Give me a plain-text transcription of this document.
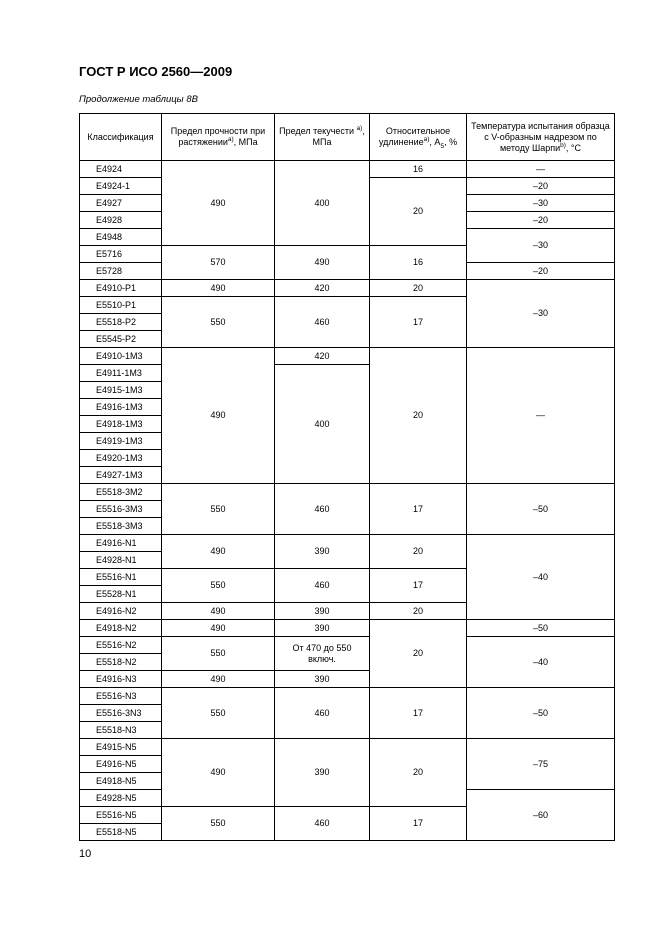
ГОСТ Р ИСО 2560—2009
Продолжение таблицы 8В
Классификация	Предел прочности при растяжении$^{а)}$, МПа	Предел текучести $^{а)}$, МПа	Относительное удлинение$^{а)}$, $A_5$, %	Температура испытания образца с V-образным надрезом по методу Шарпи$^{b)}$, °С
E4924	490	400	16	—
E4924-1			20	–20
E4927				–30
E4928				–20
E4948				–30
E5716	570	490	16	
E5728				–20
E4910-P1	490	420	20	–30
E5510-P1	550	460	17	
E5518-P2				
E5545-P2				
E4910-1M3	490	420	20	—
E4911-1M3		400		
E4915-1M3				
E4916-1M3				
E4918-1M3				
E4919-1M3				
E4920-1M3				
E4927-1M3				
E5518-3M2	550	460	17	–50
E5516-3M3				
E5518-3M3				
E4916-N1	490	390	20	–40
E4928-N1				
E5516-N1	550	460	17	
E5528-N1				
E4916-N2	490	390	20	
E4918-N2	490	390	20	–50
E5516-N2	550	От 470 до 550 включ.		–40
E5518-N2				
E4916-N3	490	390		
E5516-N3	550	460	17	–50
E5516-3N3				
E5518-N3				
E4915-N5	490	390	20	–75
E4916-N5				
E4918-N5				
E4928-N5				–60
E5516-N5	550	460	17	
E5518-N5				
10
